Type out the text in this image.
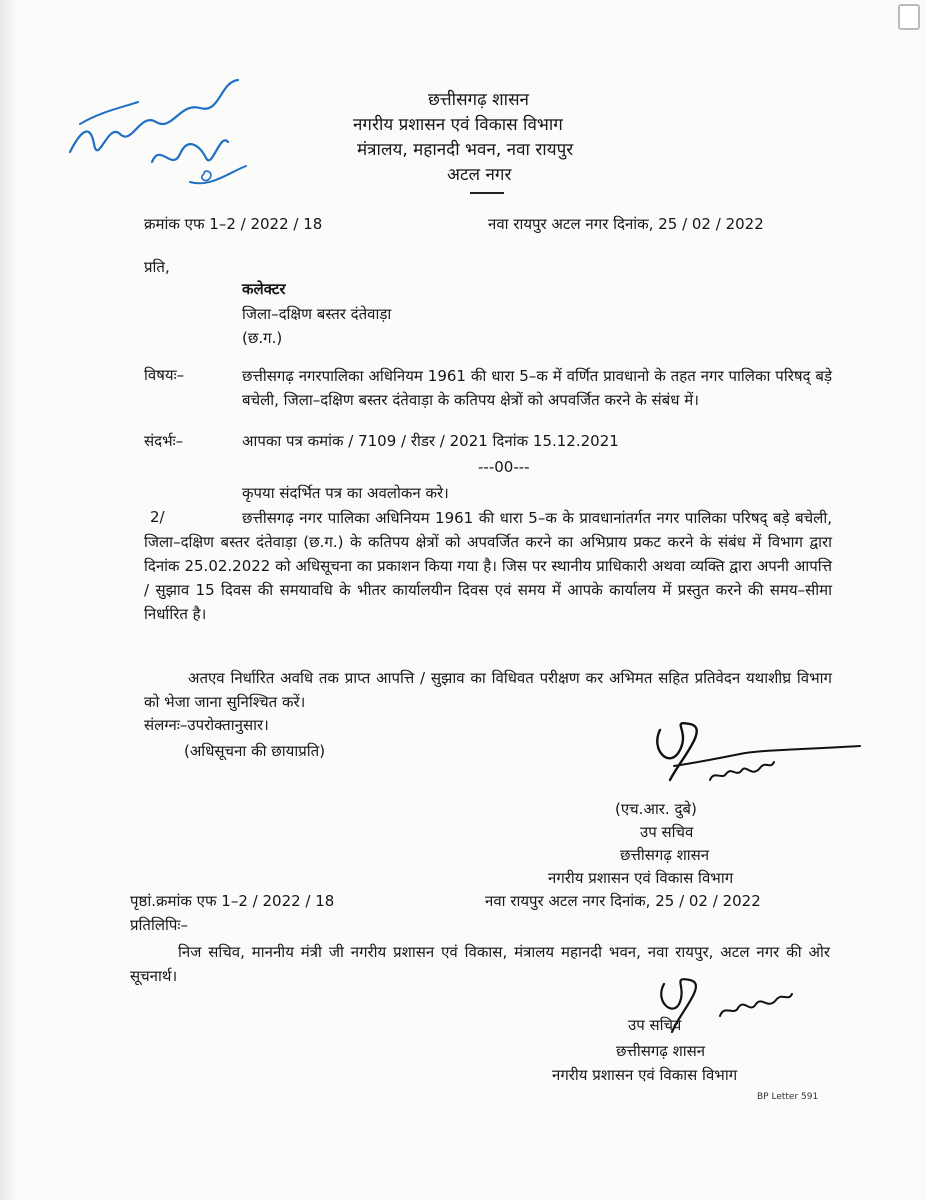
छत्तीसगढ़ शासन
नगरीय प्रशासन एवं विकास विभाग
मंत्रालय, महानदी भवन, नवा रायपुर
अटल नगर
क्रमांक एफ 1–2 / 2022 / 18	नवा रायपुर अटल नगर दिनांक, 25 / 02 / 2022
प्रति,
कलेक्टर
जिला–दक्षिण बस्तर दंतेवाड़ा
(छ.ग.)
विषयः–	छत्तीसगढ़ नगरपालिका अधिनियम 1961 की धारा 5–क में वर्णित प्रावधानो के तहत नगर पालिका परिषद् बड़े बचेली, जिला–दक्षिण बस्तर दंतेवाड़ा के कतिपय क्षेत्रों को अपवर्जित करने के संबंध में।
संदर्भः–	आपका पत्र कमांक / 7109 / रीडर / 2021 दिनांक 15.12.2021
---00---
कृपया संदर्भित पत्र का अवलोकन करे।
2/	छत्तीसगढ़ नगर पालिका अधिनियम 1961 की धारा 5–क के प्रावधानांतर्गत नगर पालिका परिषद् बड़े बचेली, जिला–दक्षिण बस्तर दंतेवाड़ा (छ.ग.) के कतिपय क्षेत्रों को अपवर्जित करने का अभिप्राय प्रकट करने के संबंध में विभाग द्वारा दिनांक 25.02.2022 को अधिसूचना का प्रकाशन किया गया है। जिस पर स्थानीय प्राधिकारी अथवा व्यक्ति द्वारा अपनी आपत्ति / सुझाव 15 दिवस की समयावधि के भीतर कार्यालयीन दिवस एवं समय में आपके कार्यालय में प्रस्तुत करने की समय–सीमा निर्धारित है।
अतएव निर्धारित अवधि तक प्राप्त आपत्ति / सुझाव का विधिवत परीक्षण कर अभिमत सहित प्रतिवेदन यथाशीघ्र विभाग को भेजा जाना सुनिश्चित करें।
संलग्नः–उपरोक्तानुसार।
(अधिसूचना की छायाप्रति)
(एच.आर. दुबे)
उप सचिव
छत्तीसगढ़ शासन
नगरीय प्रशासन एवं विकास विभाग
पृष्ठां.क्रमांक एफ 1–2 / 2022 / 18	नवा रायपुर अटल नगर दिनांक, 25 / 02 / 2022
प्रतिलिपिः–
निज सचिव, माननीय मंत्री जी नगरीय प्रशासन एवं विकास, मंत्रालय महानदी भवन, नवा रायपुर, अटल नगर की ओर सूचनार्थ।
उप सचिव
छत्तीसगढ़ शासन
नगरीय प्रशासन एवं विकास विभाग
BP Letter 591
